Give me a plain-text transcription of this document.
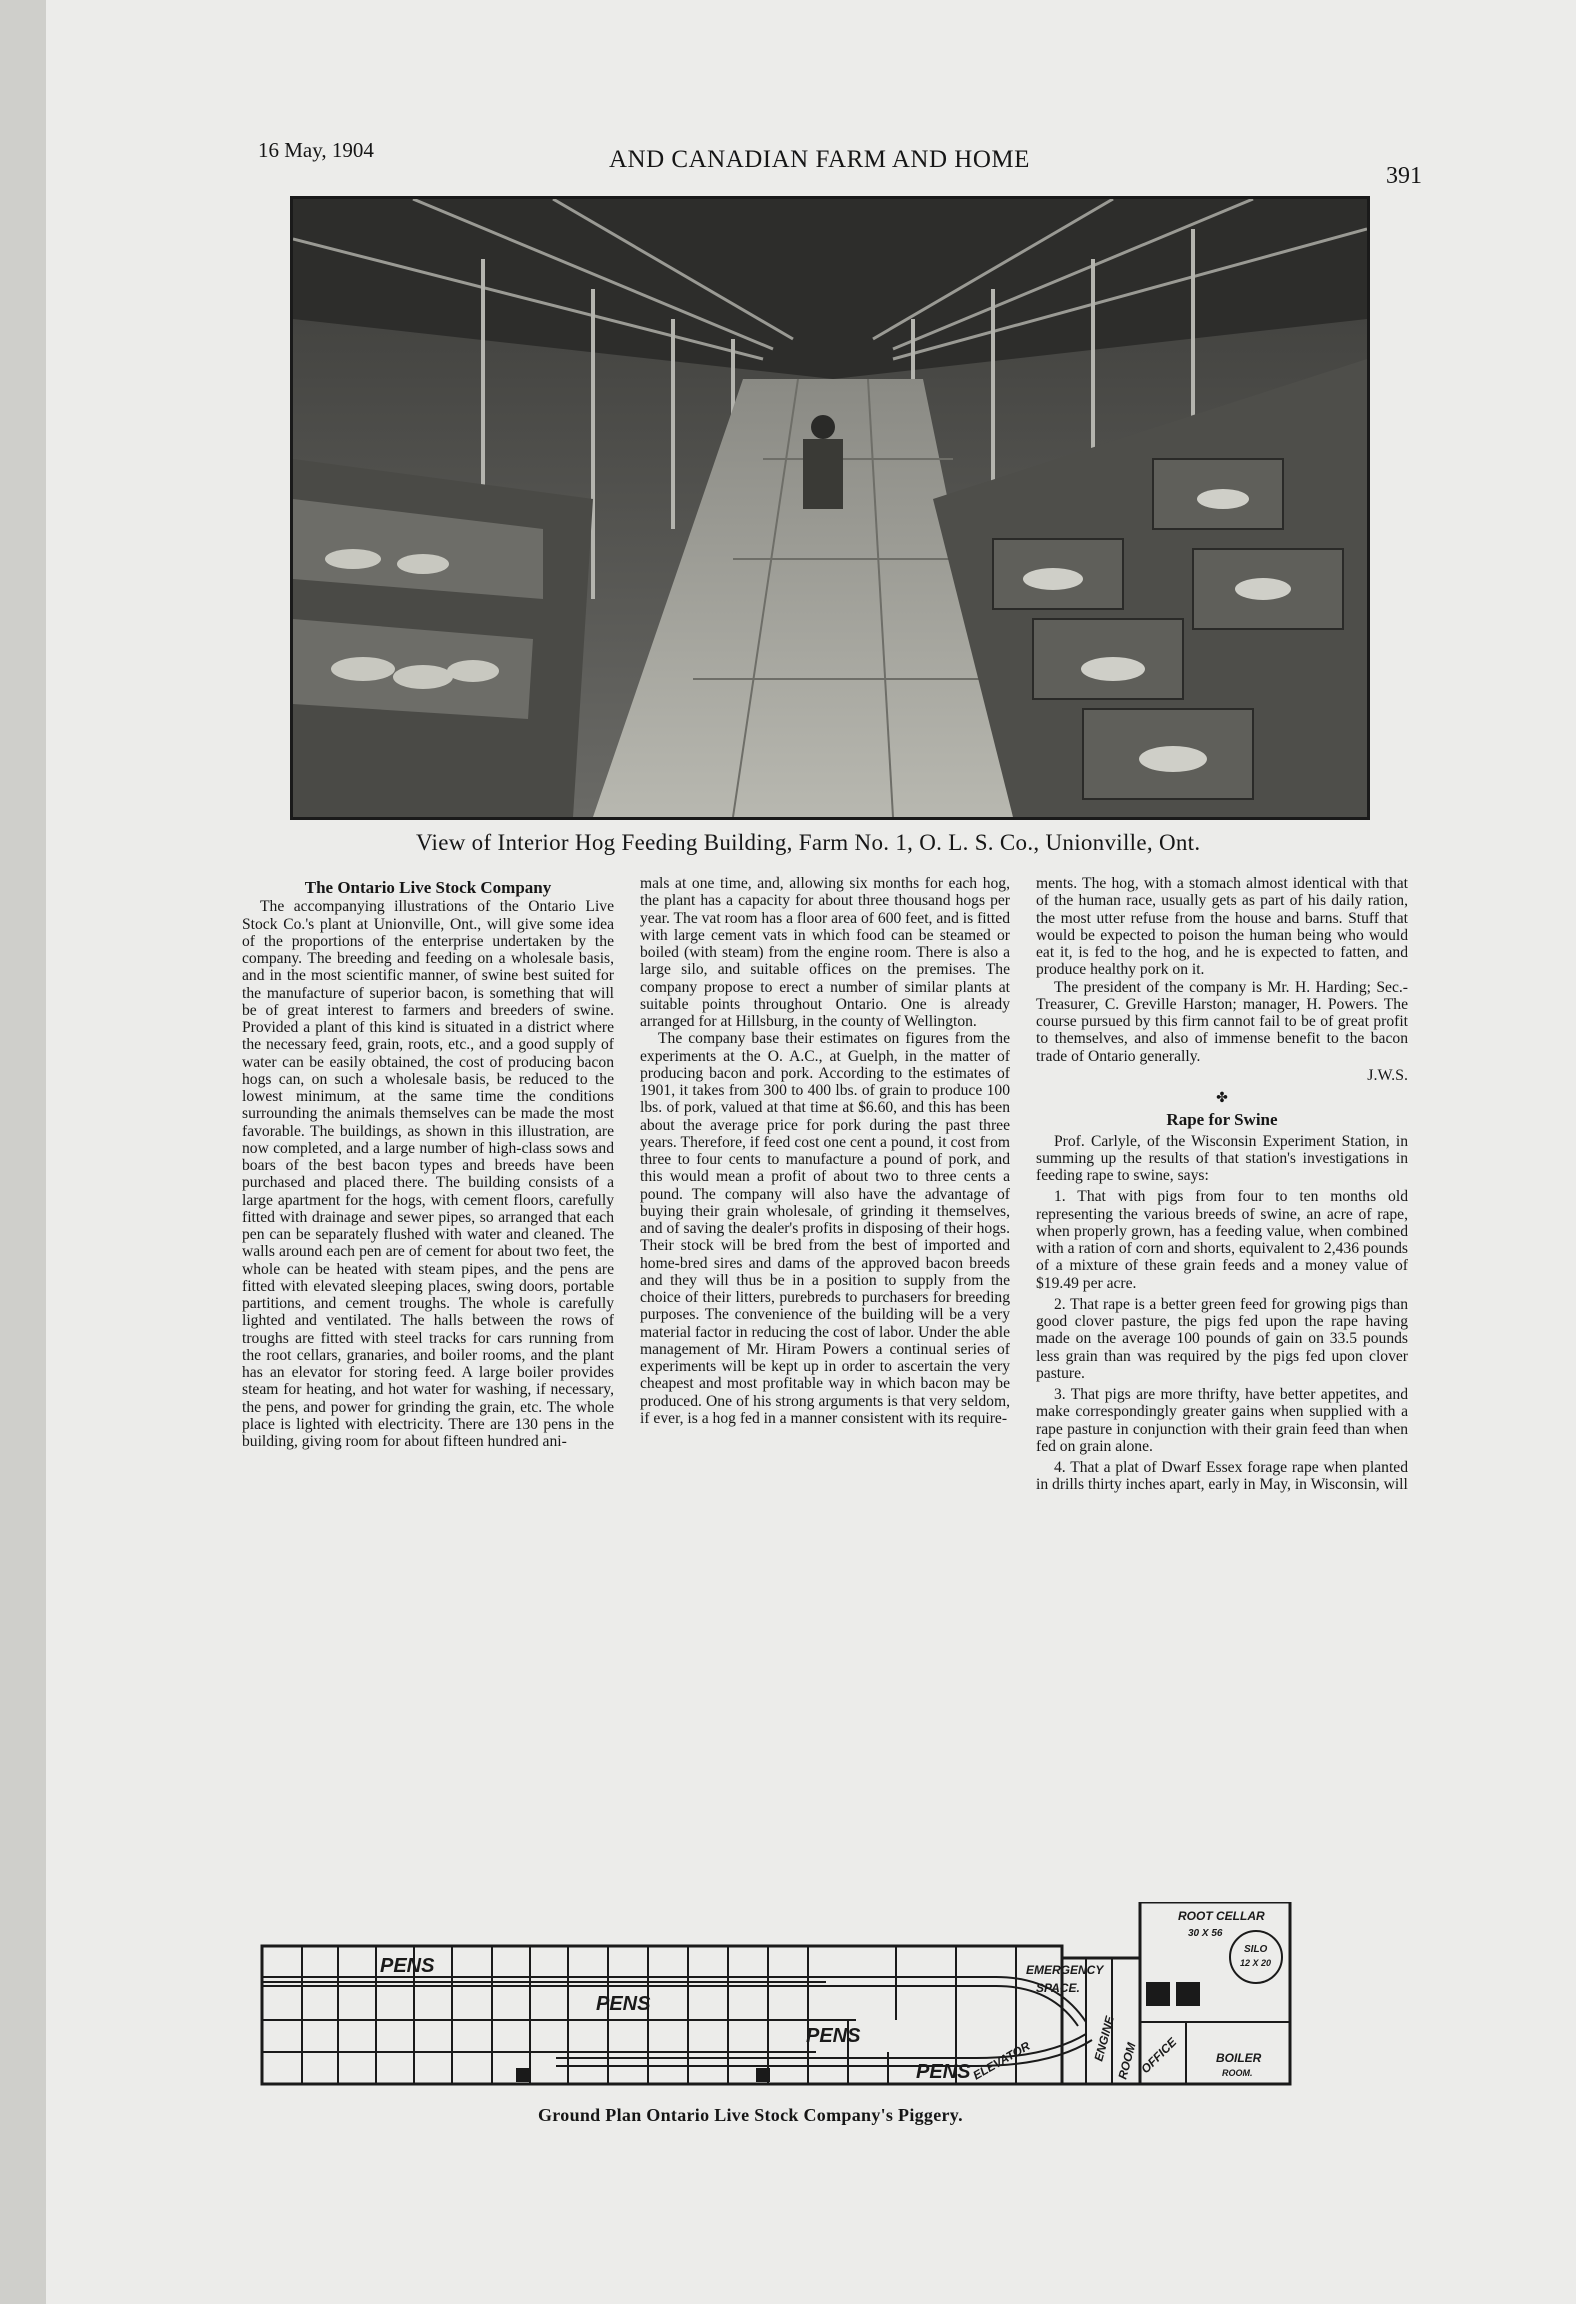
16 May, 1904	AND CANADIAN FARM AND HOME
391
View of Interior Hog Feeding Building, Farm No. 1, O. L. S. Co., Unionville, Ont.
The Ontario Live Stock Company

The accompanying illustrations of the Ontario Live Stock Co.'s plant at Unionville, Ont., will give some idea of the proportions of the enterprise undertaken by the company. The breeding and feeding on a wholesale basis, and in the most scientific manner, of swine best suited for the manufacture of superior bacon, is something that will be of great interest to farmers and breeders of swine. Provided a plant of this kind is situated in a district where the necessary feed, grain, roots, etc., and a good supply of water can be easily obtained, the cost of producing bacon hogs can, on such a wholesale basis, be reduced to the lowest minimum, at the same time the conditions surrounding the animals themselves can be made the most favorable. The buildings, as shown in this illustration, are now completed, and a large number of high-class sows and boars of the best bacon types and breeds have been purchased and placed there. The building consists of a large apartment for the hogs, with cement floors, carefully fitted with drainage and sewer pipes, so arranged that each pen can be separately flushed with water and cleaned. The walls around each pen are of cement for about two feet, the whole can be heated with steam pipes, and the pens are fitted with elevated sleeping places, swing doors, portable partitions, and cement troughs. The whole is carefully lighted and ventilated. The halls between the rows of troughs are fitted with steel tracks for cars running from the root cellars, granaries, and boiler rooms, and the plant has an elevator for storing feed. A large boiler provides steam for heating, and hot water for washing, if necessary, the pens, and power for grinding the grain, etc. The whole place is lighted with electricity. There are 130 pens in the building, giving room for about fifteen hundred ani-

mals at one time, and, allowing six months for each hog, the plant has a capacity for about three thousand hogs per year. The vat room has a floor area of 600 feet, and is fitted with large cement vats in which food can be steamed or boiled (with steam) from the engine room. There is also a large silo, and suitable offices on the premises. The company propose to erect a number of similar plants at suitable points throughout Ontario. One is already arranged for at Hillsburg, in the county of Wellington.

The company base their estimates on figures from the experiments at the O. A.C., at Guelph, in the matter of producing bacon and pork. According to the estimates of 1901, it takes from 300 to 400 lbs. of grain to produce 100 lbs. of pork, valued at that time at $6.60, and this has been about the average price for pork during the past three years. Therefore, if feed cost one cent a pound, it cost from three to four cents to manufacture a pound of pork, and this would mean a profit of about two to three cents a pound. The company will also have the advantage of buying their grain wholesale, of grinding it themselves, and of saving the dealer's profits in disposing of their hogs. Their stock will be bred from the best of imported and home-bred sires and dams of the approved bacon breeds and they will thus be in a position to supply from the choice of their litters, purebreds to purchasers for breeding purposes. The convenience of the building will be a very material factor in reducing the cost of labor. Under the able management of Mr. Hiram Powers a continual series of experiments will be kept up in order to ascertain the very cheapest and most profitable way in which bacon may be produced. One of his strong arguments is that very seldom, if ever, is a hog fed in a manner consistent with its require-

ments. The hog, with a stomach almost identical with that of the human race, usually gets as part of his daily ration, the most utter refuse from the house and barns. Stuff that would be expected to poison the human being who would eat it, is fed to the hog, and he is expected to fatten, and produce healthy pork on it.

The president of the company is Mr. H. Harding; Sec.-Treasurer, C. Greville Harston; manager, H. Powers. The course pursued by this firm cannot fail to be of great profit to themselves, and also of immense benefit to the bacon trade of Ontario generally.

J.W.S.
✤
Rape for Swine

Prof. Carlyle, of the Wisconsin Experiment Station, in summing up the results of that station's investigations in feeding rape to swine, says:

1. That with pigs from four to ten months old representing the various breeds of swine, an acre of rape, when properly grown, has a feeding value, when combined with a ration of corn and shorts, equivalent to 2,436 pounds of a mixture of these grain feeds and a money value of $19.49 per acre.

2. That rape is a better green feed for growing pigs than good clover pasture, the pigs fed upon the rape having made on the average 100 pounds of gain on 33.5 pounds less grain than was required by the pigs fed upon clover pasture.

3. That pigs are more thrifty, have better appetites, and make correspondingly greater gains when supplied with a rape pasture in conjunction with their grain feed than when fed on grain alone.

4. That a plat of Dwarf Essex forage rape when planted in drills thirty inches apart, early in May, in Wisconsin, will

PENS
PENS
PENS
PENS
EMERGENCY
SPACE.
ELEVATOR	ENGINE
ROOM OFFICE	BOILER
ROOM.
ROOT CELLAR
30 X 56
SILO
12 X 20
Ground Plan Ontario Live Stock Company's Piggery.
